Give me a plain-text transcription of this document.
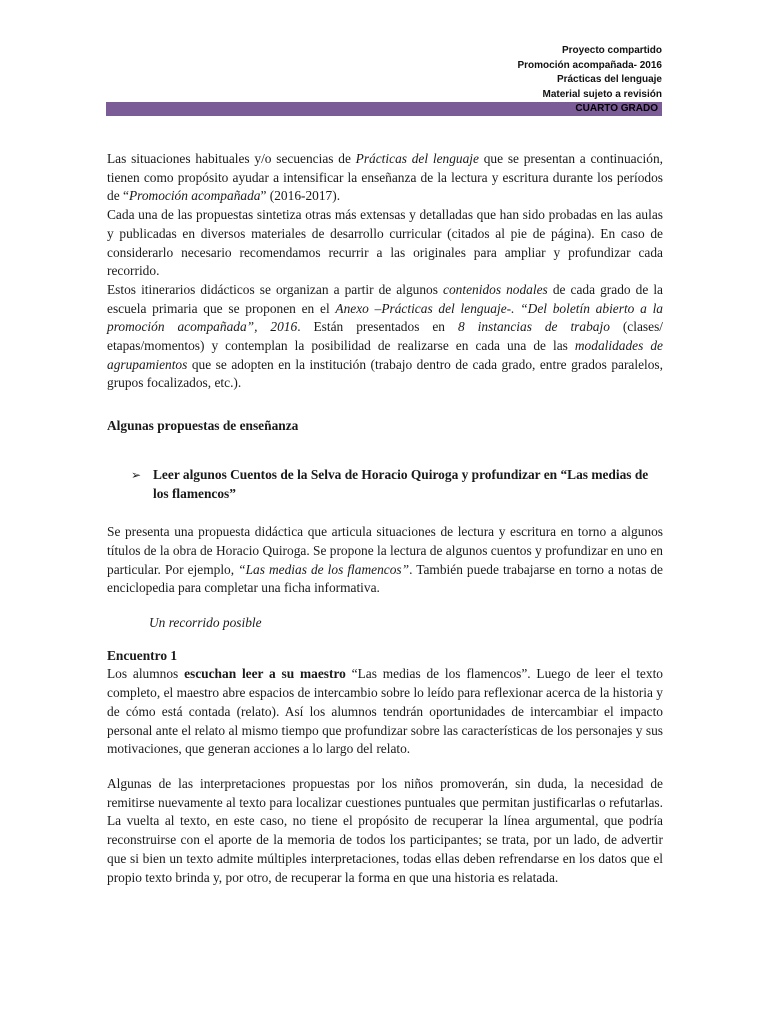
Proyecto compartido
Promoción acompañada- 2016
Prácticas del lenguaje
Material sujeto a revisión
CUARTO GRADO

Las situaciones habituales y/o secuencias de Prácticas del lenguaje que se presentan a continuación, tienen como propósito ayudar a intensificar la enseñanza de la lectura y escritura durante los períodos de “Promoción acompañada” (2016-2017).

Cada una de las propuestas sintetiza otras más extensas y detalladas que han sido probadas en las aulas y publicadas en diversos materiales de desarrollo curricular (citados al pie de página). En caso de considerarlo necesario recomendamos recurrir a las originales para ampliar y profundizar cada recorrido.

Estos itinerarios didácticos se organizan a partir de algunos contenidos nodales de cada grado de la escuela primaria que se proponen en el Anexo –Prácticas del lenguaje-. “Del boletín abierto a la promoción acompañada”, 2016. Están presentados en 8 instancias de trabajo (clases/ etapas/momentos) y contemplan la posibilidad de realizarse en cada una de las modalidades de agrupamientos que se adopten en la institución (trabajo dentro de cada grado, entre grados paralelos, grupos focalizados, etc.).

Algunas propuestas de enseñanza
➢ Leer algunos Cuentos de la Selva de Horacio Quiroga y profundizar en “Las medias de los flamencos”

Se presenta una propuesta didáctica que articula situaciones de lectura y escritura en torno a algunos títulos de la obra de Horacio Quiroga. Se propone la lectura de algunos cuentos y profundizar en uno en particular. Por ejemplo, “Las medias de los flamencos”. También puede trabajarse en torno a notas de enciclopedia para completar una ficha informativa.

Un recorrido posible

Encuentro 1

Los alumnos escuchan leer a su maestro “Las medias de los flamencos”. Luego de leer el texto completo, el maestro abre espacios de intercambio sobre lo leído para reflexionar acerca de la historia y de cómo está contada (relato). Así los alumnos tendrán oportunidades de intercambiar el impacto personal ante el relato al mismo tiempo que profundizar sobre las características de los personajes y sus motivaciones, que generan acciones a lo largo del relato.

Algunas de las interpretaciones propuestas por los niños promoverán, sin duda, la necesidad de remitirse nuevamente al texto para localizar cuestiones puntuales que permitan justificarlas o refutarlas. La vuelta al texto, en este caso, no tiene el propósito de recuperar la línea argumental, que podría reconstruirse con el aporte de la memoria de todos los participantes; se trata, por un lado, de advertir que si bien un texto admite múltiples interpretaciones, todas ellas deben refrendarse en los datos que el propio texto brinda y, por otro, de recuperar la forma en que una historia es relatada.
